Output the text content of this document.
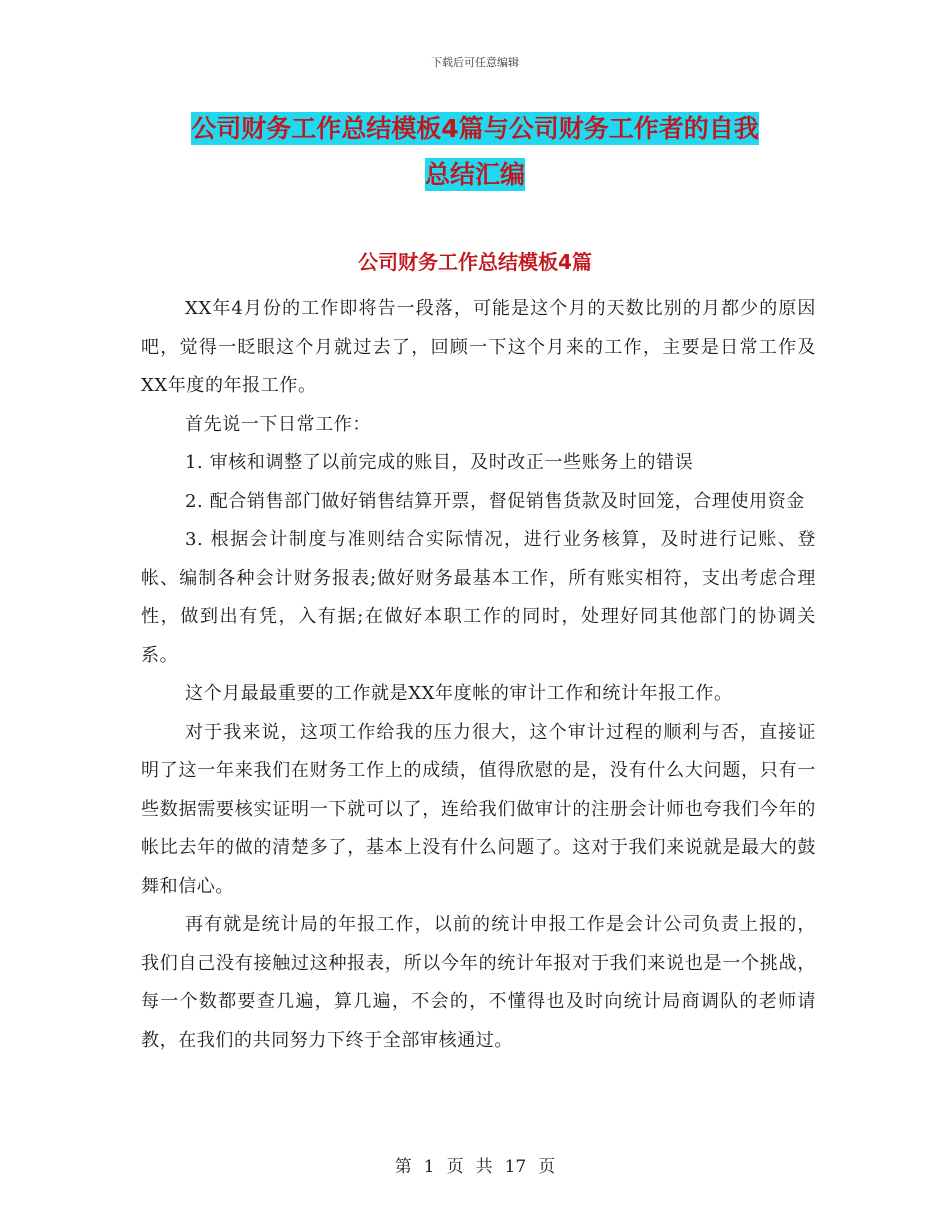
下载后可任意编辑
公司财务工作总结模板4篇与公司财务工作者的自我
总结汇编
公司财务工作总结模板4篇

XX年4月份的工作即将告一段落，可能是这个月的天数比别的月都少的原因吧，觉得一眨眼这个月就过去了，回顾一下这个月来的工作，主要是日常工作及XX年度的年报工作。

首先说一下日常工作：

1. 审核和调整了以前完成的账目，及时改正一些账务上的错误

2. 配合销售部门做好销售结算开票，督促销售货款及时回笼，合理使用资金

3. 根据会计制度与准则结合实际情况，进行业务核算，及时进行记账、登帐、编制各种会计财务报表;做好财务最基本工作，所有账实相符，支出考虑合理性，做到出有凭，入有据;在做好本职工作的同时，处理好同其他部门的协调关系。

这个月最最重要的工作就是XX年度帐的审计工作和统计年报工作。

对于我来说，这项工作给我的压力很大，这个审计过程的顺利与否，直接证明了这一年来我们在财务工作上的成绩，值得欣慰的是，没有什么大问题，只有一些数据需要核实证明一下就可以了，连给我们做审计的注册会计师也夸我们今年的帐比去年的做的清楚多了，基本上没有什么问题了。这对于我们来说就是最大的鼓舞和信心。

再有就是统计局的年报工作，以前的统计申报工作是会计公司负责上报的，我们自己没有接触过这种报表，所以今年的统计年报对于我们来说也是一个挑战，每一个数都要查几遍，算几遍，不会的，不懂得也及时向统计局商调队的老师请教，在我们的共同努力下终于全部审核通过。

第 1 页 共 17 页
